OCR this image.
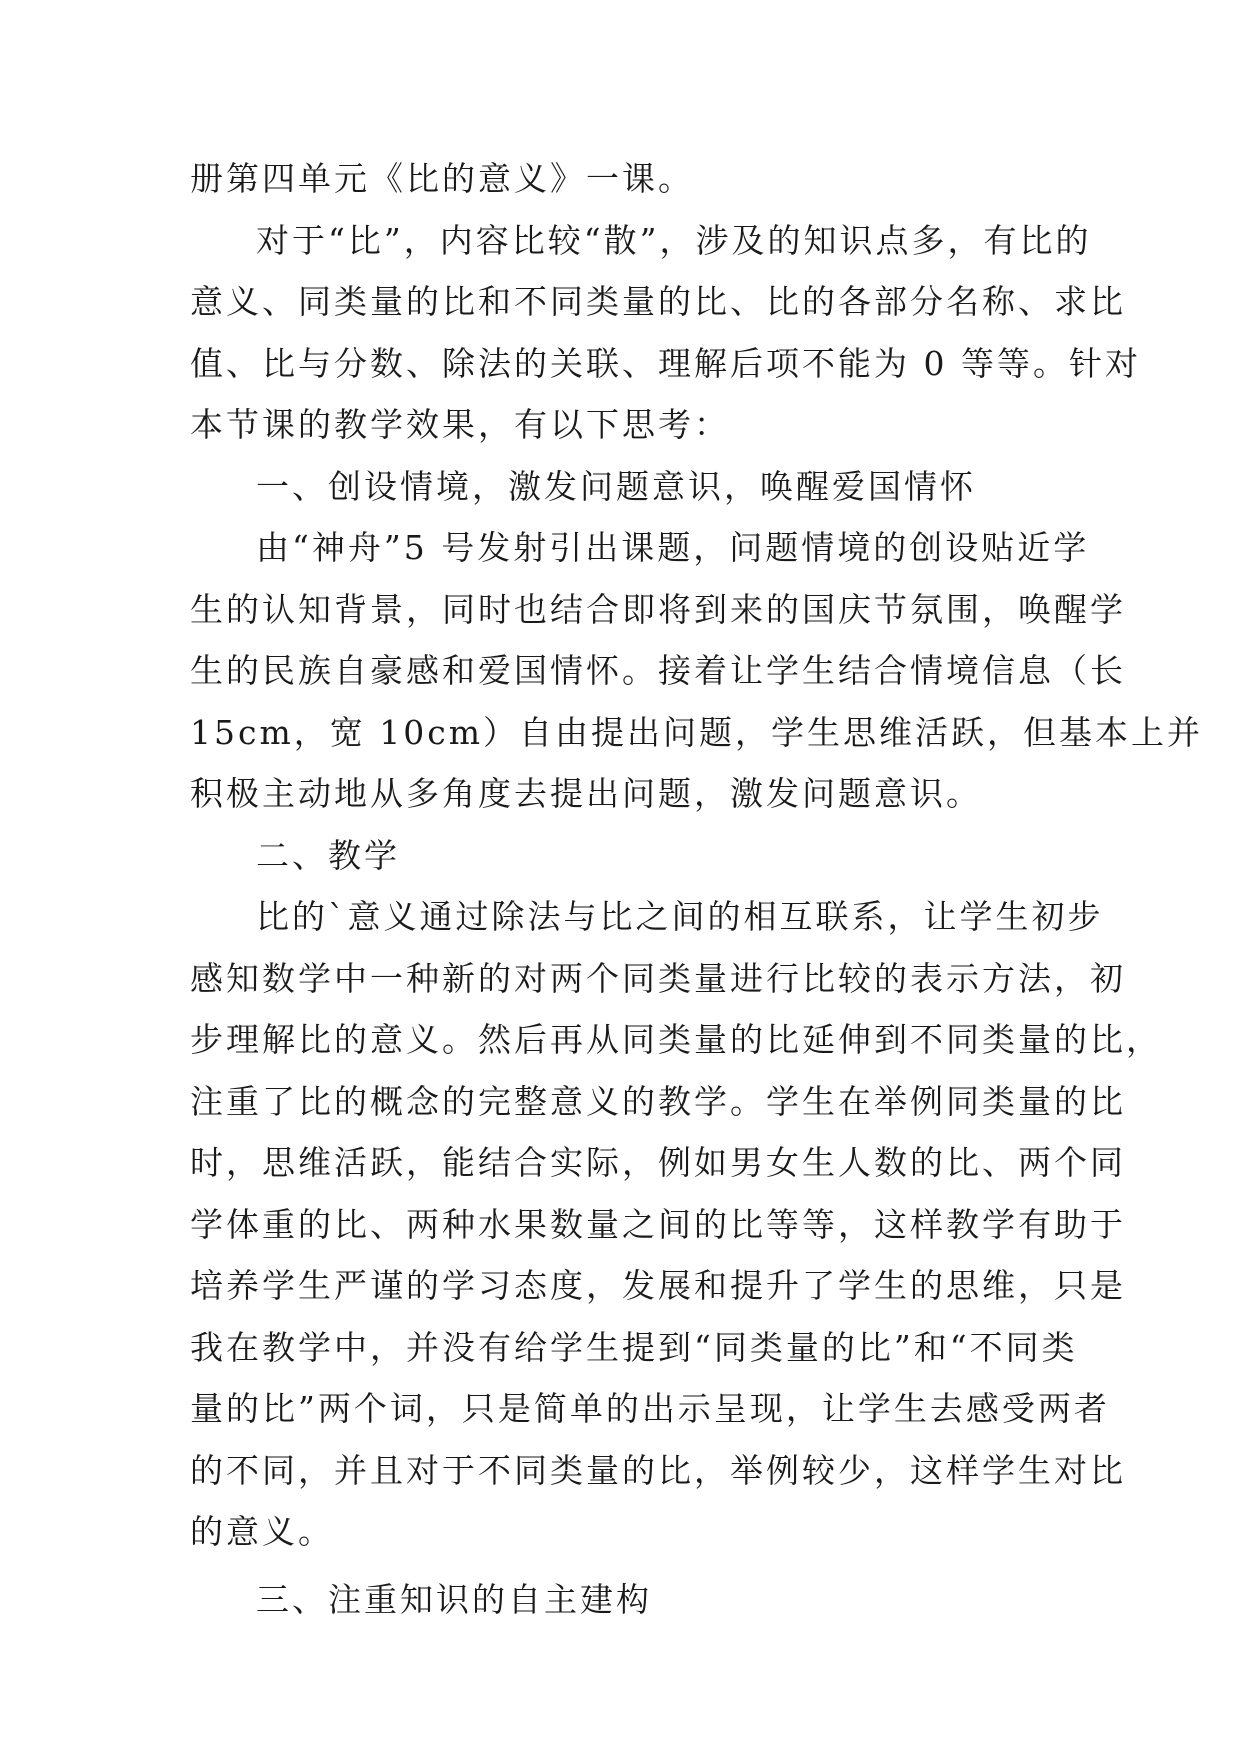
册第四单元《比的意义》一课。
对于“比”，内容比较“散”，涉及的知识点多，有比的
意义、同类量的比和不同类量的比、比的各部分名称、求比
值、比与分数、除法的关联、理解后项不能为 0 等等。针对
本节课的教学效果，有以下思考：
一、创设情境，激发问题意识，唤醒爱国情怀
由“神舟”5 号发射引出课题，问题情境的创设贴近学
生的认知背景，同时也结合即将到来的国庆节氛围，唤醒学
生的民族自豪感和爱国情怀。接着让学生结合情境信息（长
15cm，宽 10cm）自由提出问题，学生思维活跃，但基本上并
积极主动地从多角度去提出问题，激发问题意识。
二、教学
比的`意义通过除法与比之间的相互联系，让学生初步
感知数学中一种新的对两个同类量进行比较的表示方法，初
步理解比的意义。然后再从同类量的比延伸到不同类量的比，
注重了比的概念的完整意义的教学。学生在举例同类量的比
时，思维活跃，能结合实际，例如男女生人数的比、两个同
学体重的比、两种水果数量之间的比等等，这样教学有助于
培养学生严谨的学习态度，发展和提升了学生的思维，只是
我在教学中，并没有给学生提到“同类量的比”和“不同类
量的比”两个词，只是简单的出示呈现，让学生去感受两者
的不同，并且对于不同类量的比，举例较少，这样学生对比
的意义。
三、注重知识的自主建构
